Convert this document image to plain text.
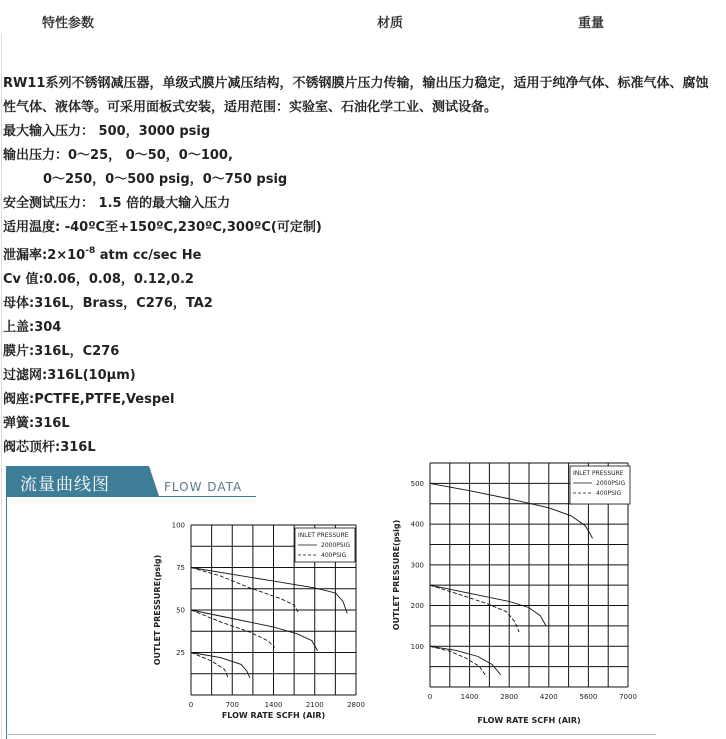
特性参数	材质	重量

RW11系列不锈钢减压器，单级式膜片减压结构，不锈钢膜片压力传输，输出压力稳定，适用于纯净气体、标准气体、腐蚀性气体、液体等。可采用面板式安装，适用范围：实验室、石油化学工业、测试设备。

最大输入压力： 500，3000 psig

输出压力：0～25， 0～50，0～100,

0～250，0～500 psig，0～750 psig

安全测试压力： 1.5 倍的最大输入压力

适用温度: -40ºC至+150ºC,230ºC,300ºC(可定制)

泄漏率$:2\times 10^{-8}$ atm cc/sec He

Cv 值:0.06，0.08，0.12,0.2

母体:316L，Brass，C276，TA2

上盖:304

膜片:316L，C276

过滤网:316L(10μm)

阀座:PCTFE,PTFE,Vespel

弹簧:316L

阀芯顶杆:316L

流量曲线图	FLOW DATA
0	700	1400	2100	2800
100
75
50
25
FLOW RATE SCFH (AIR)
OUTLET PRESSURE(psig)
INLET PRESSURE
2000PSIG
400PSIG
0	1400	2800	4200	5600	7000
500
400
300
200
100
FLOW RATE SCFH (AIR)
OUTLET PRESSURE(psig)
INLET PRESSURE
2000PSIG
400PSIG
